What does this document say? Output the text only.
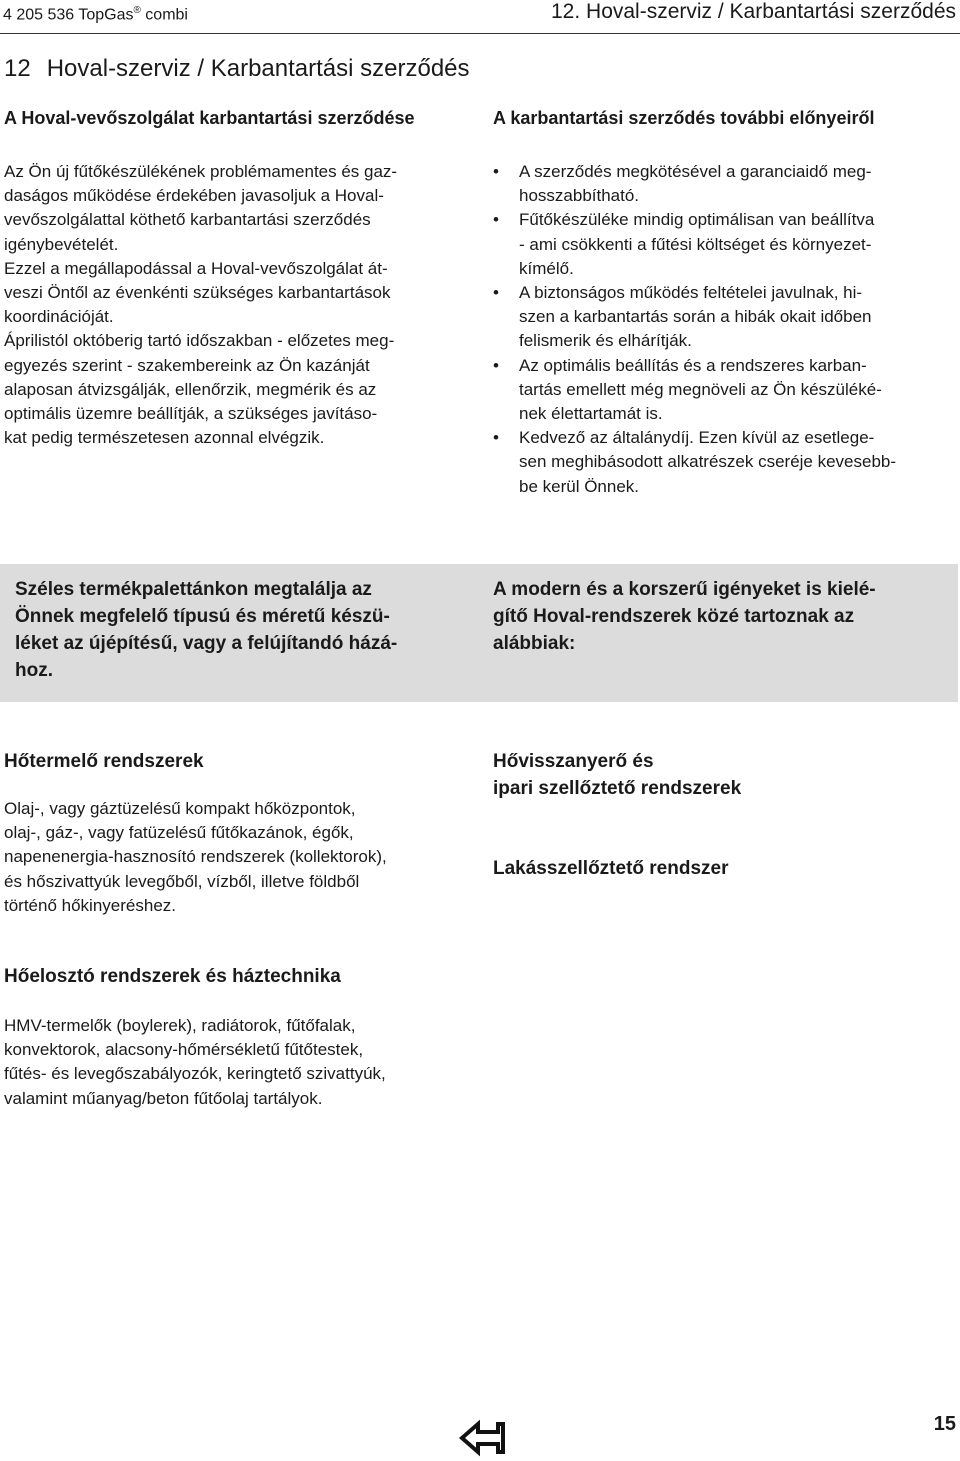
4 205 536 TopGas® combi	12. Hoval-szerviz / Karbantartási szerződés
12 Hoval-szerviz / Karbantartási szerződés
A Hoval-vevőszolgálat karbantartási szerződése
Az Ön új fűtőkészülékének problémamentes és gaz-
daságos működése érdekében javasoljuk a Hoval-
vevőszolgálattal köthető karbantartási szerződés
igénybevételét.
Ezzel a megállapodással a Hoval-vevőszolgálat át-
veszi Öntől az évenkénti szükséges karbantartások
koordinációját.
Áprilistól októberig tartó időszakban - előzetes meg-
egyezés szerint - szakembereink az Ön kazánját
alaposan átvizsgálják, ellenőrzik, megmérik és az
optimális üzemre beállítják, a szükséges javításo-
kat pedig természetesen azonnal elvégzik.
A karbantartási szerződés további előnyeiről
• A szerződés megkötésével a garanciaidő meg-
hosszabbítható.
• Fűtőkészüléke mindig optimálisan van beállítva
- ami csökkenti a fűtési költséget és környezet-
kímélő.
• A biztonságos működés feltételei javulnak, hi-
szen a karbantartás során a hibák okait időben
felismerik és elhárítják.
• Az optimális beállítás és a rendszeres karban-
tartás emellett még megnöveli az Ön készüléké-
nek élettartamát is.
• Kedvező az általánydíj. Ezen kívül az esetlege-
sen meghibásodott alkatrészek cseréje kevesebb-
be kerül Önnek.
Széles termékpalettánkon megtalálja az
Önnek megfelelő típusú és méretű készü-
léket az újépítésű, vagy a felújítandó házá-
hoz.
A modern és a korszerű igényeket is kielé-
gítő Hoval-rendszerek közé tartoznak az
alábbiak:
Hőtermelő rendszerek
Olaj-, vagy gáztüzelésű kompakt hőközpontok,
olaj-, gáz-, vagy fatüzelésű fűtőkazánok, égők,
napenenergia-hasznosító rendszerek (kollektorok),
és hőszivattyúk levegőből, vízből, illetve földből
történő hőkinyeréshez.
Hővisszanyerő és
ipari szellőztető rendszerek
Lakásszellőztető rendszer
Hőelosztó rendszerek és háztechnika
HMV-termelők (boylerek), radiátorok, fűtőfalak,
konvektorok, alacsony-hőmérsékletű fűtőtestek,
fűtés- és levegőszabályozók, keringtető szivattyúk,
valamint műanyag/beton fűtőolaj tartályok.
15
